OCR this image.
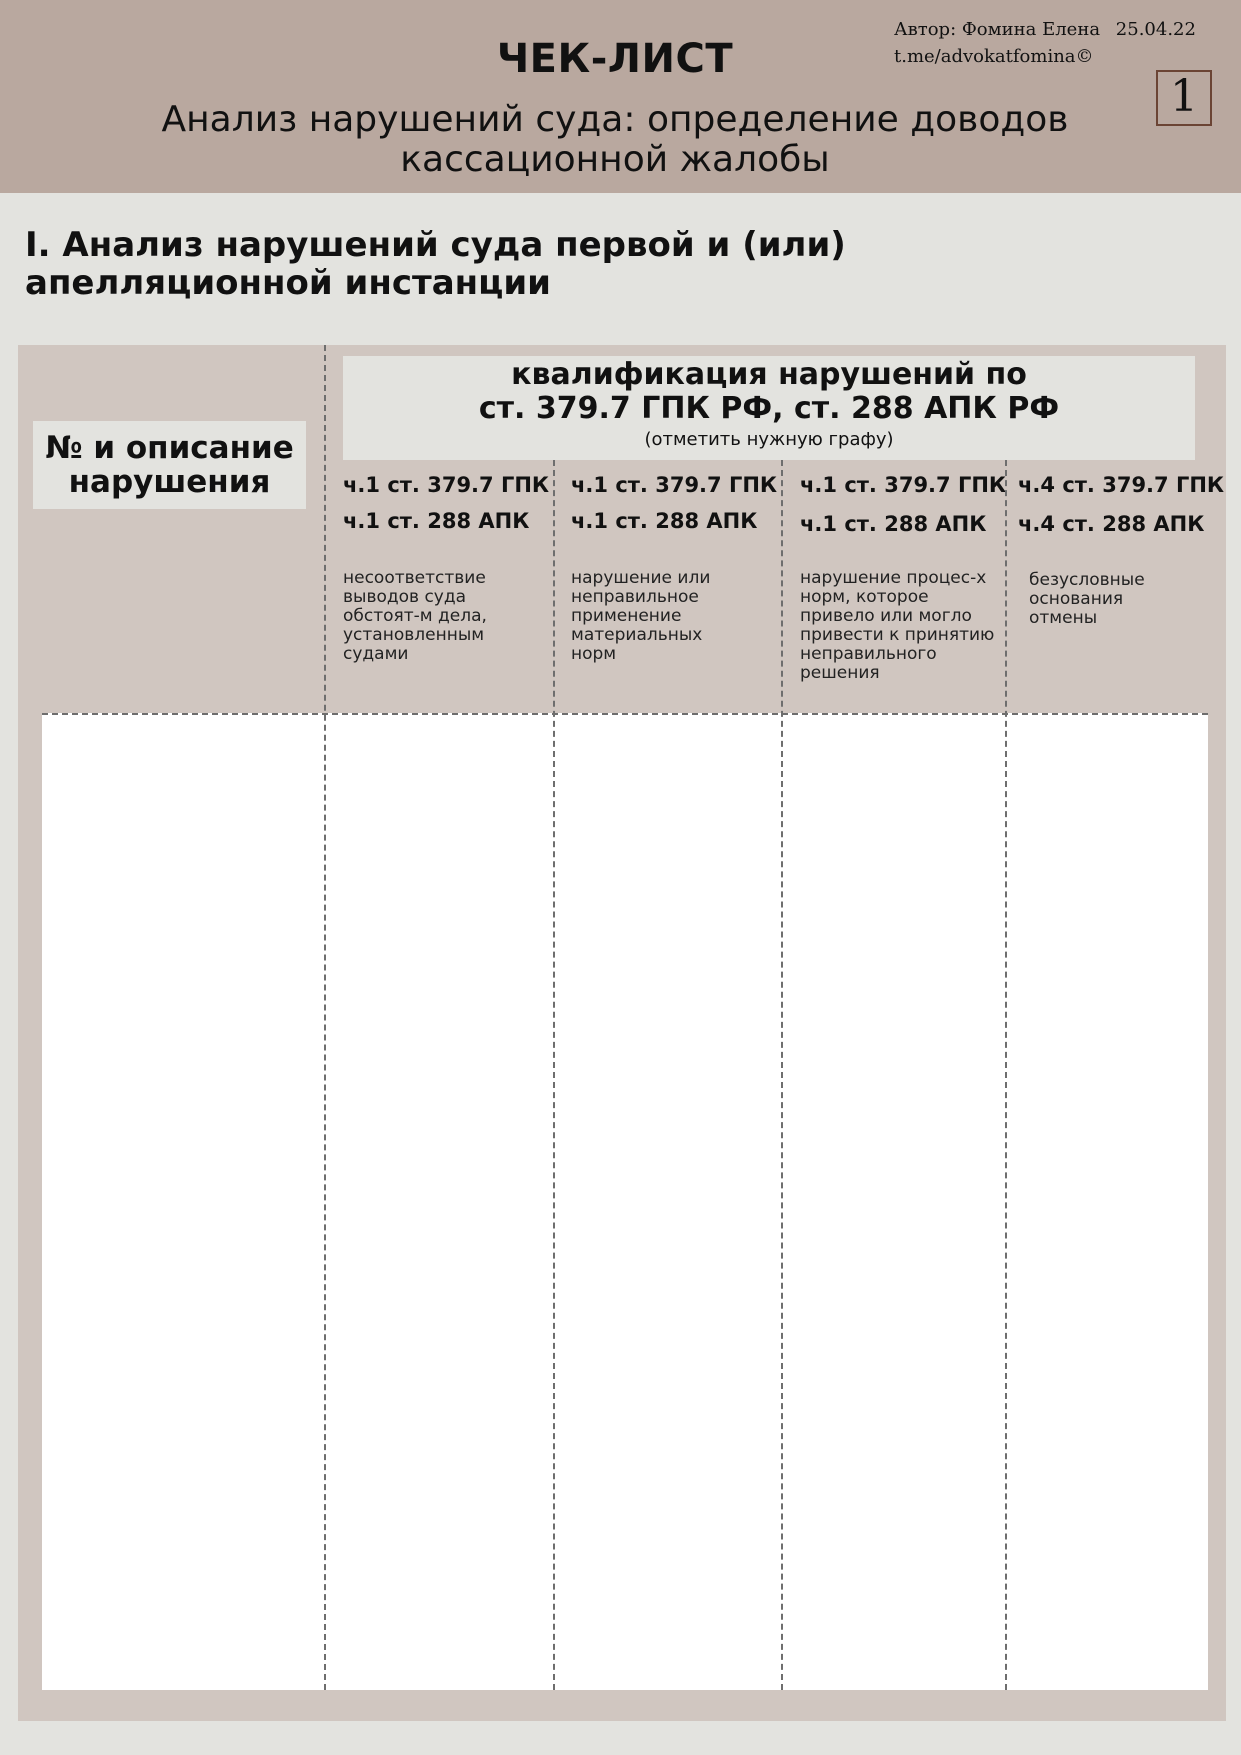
ЧЕК-ЛИСТ
Анализ нарушений суда: определение доводов кассационной жалобы
Автор: Фомина Елена 25.04.22
t.me/advokatfomina©
1
I. Анализ нарушений суда первой и (или) апелляционной инстанции
№ и описание нарушения
квалификация нарушений по
ст. 379.7 ГПК РФ, ст. 288 АПК РФ
(отметить нужную графу)
ч.1 ст. 379.7 ГПК
ч.1 ст. 288 АПК
несоответствие выводов суда обстоят-м дела, установленным судами
ч.1 ст. 379.7 ГПК
ч.1 ст. 288 АПК
нарушение или неправильное применение материальных норм
ч.1 ст. 379.7 ГПК
ч.1 ст. 288 АПК
нарушение процес-х норм, которое привело или могло привести к принятию неправильного решения
ч.4 ст. 379.7 ГПК
ч.4 ст. 288 АПК
безусловные основания отмены
